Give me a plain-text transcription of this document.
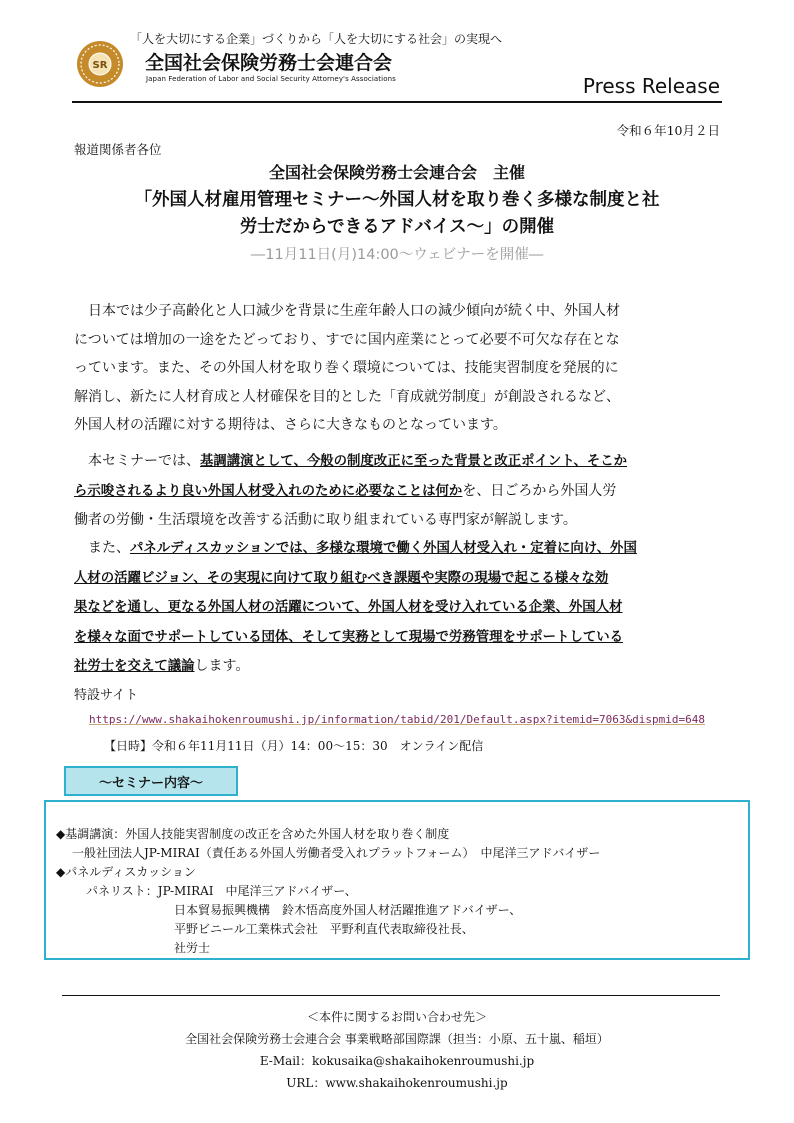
「人を大切にする企業」づくりから「人を大切にする社会」の実現へ
SR 全国社会保険労務士会連合会
Japan Federation of Labor and Social Security Attorney's Associations	Press Release
令和６年10月２日
報道関係者各位
全国社会保険労務士会連合会　主催
「外国人材雇用管理セミナー～外国人材を取り巻く多様な制度と社
労士だからできるアドバイス～」の開催
―11月11日(月)14:00～ウェビナーを開催―
日本では少子高齢化と人口減少を背景に生産年齢人口の減少傾向が続く中、外国人材
については増加の一途をたどっており、すでに国内産業にとって必要不可欠な存在とな
っています。また、その外国人材を取り巻く環境については、技能実習制度を発展的に
解消し、新たに人材育成と人材確保を目的とした「育成就労制度」が創設されるなど、
外国人材の活躍に対する期待は、さらに大きなものとなっています。
本セミナーでは、基調講演として、今般の制度改正に至った背景と改正ポイント、そこか
ら示唆されるより良い外国人材受入れのために必要なことは何かを、日ごろから外国人労
働者の労働・生活環境を改善する活動に取り組まれている専門家が解説します。
また、パネルディスカッションでは、多様な環境で働く外国人材受入れ・定着に向け、外国
人材の活躍ビジョン、その実現に向けて取り組むべき課題や実際の現場で起こる様々な効
果などを通し、更なる外国人材の活躍について、外国人材を受け入れている企業、外国人材
を様々な面でサポートしている団体、そして実務として現場で労務管理をサポートしている
社労士を交えて議論します。
特設サイト
https://www.shakaihokenroumushi.jp/information/tabid/201/Default.aspx?itemid=7063&dispmid=648
【日時】令和６年11月11日（月）14：00～15：30　オンライン配信
◆基調講演：外国人技能実習制度の改正を含めた外国人材を取り巻く制度
一般社団法人JP-MIRAI（責任ある外国人労働者受入れプラットフォーム）　中尾洋三アドバイザー
◆パネルディスカッション
パネリスト：JP-MIRAI　中尾洋三アドバイザー、
日本貿易振興機構　鈴木悟高度外国人材活躍推進アドバイザー、
平野ビニール工業株式会社　平野利直代表取締役社長、
社労士
～セミナー内容～
＜本件に関するお問い合わせ先＞
全国社会保険労務士会連合会 事業戦略部国際課（担当：小原、五十嵐、稲垣）
E-Mail：kokusaika@shakaihokenroumushi.jp
URL：www.shakaihokenroumushi.jp
